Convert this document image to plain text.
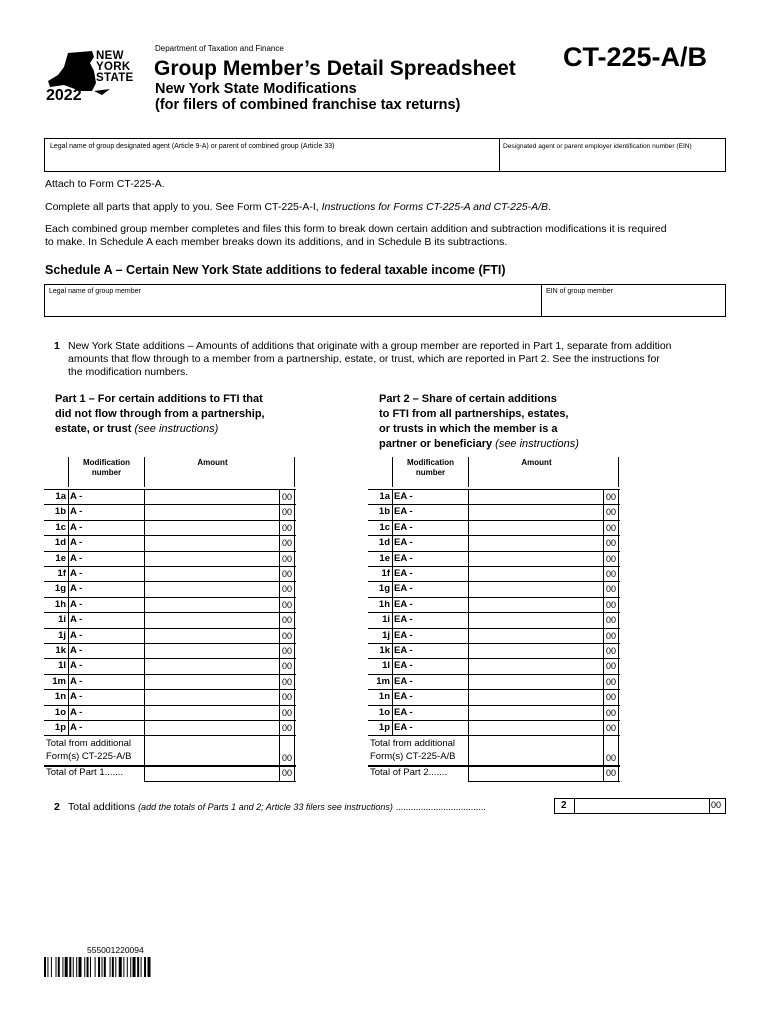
NEW
YORK
STATE
2022
Department of Taxation and Finance
Group Member’s Detail Spreadsheet
New York State Modifications
(for filers of combined franchise tax returns)
CT-225-A/B
Legal name of group designated agent (Article 9-A) or parent of combined group (Article 33)	Designated agent or parent employer identification number (EIN)
Attach to Form CT-225-A.
Complete all parts that apply to you. See Form CT-225-A-I, Instructions for Forms CT-225-A and CT-225-A/B.
Each combined group member completes and files this form to break down certain addition and subtraction modifications it is required
to make. In Schedule A each member breaks down its additions, and in Schedule B its subtractions.
Schedule A – Certain New York State additions to federal taxable income (FTI)
Legal name of group member	EIN of group member
1 New York State additions – Amounts of additions that originate with a group member are reported in Part 1, separate from addition
amounts that flow through to a member from a partnership, estate, or trust, which are reported in Part 2. See the instructions for
the modification numbers.
Part 1 – For certain additions to FTI that
did not flow through from a partnership,
estate, or trust (see instructions)
Part 2 – Share of certain additions
to FTI from all partnerships, estates,
or trusts in which the member is a
partner or beneficiary (see instructions)
Modification number
Amount
1a A -	00
1b A -	00
1c A -	00
1d A -	00
1e A -	00
1f A -	00
1g A -	00
1h A -	00
1i A -	00
1j A -	00
1k A -	00
1l A -	00
1m A -	00
1n A -	00
1o A -	00
1p A -	00
Total from additional
Form(s) CT-225-A/B	00
Total of Part 1.......	00
Modification number
Amount
1a EA -	00
1b EA -	00
1c EA -	00
1d EA -	00
1e EA -	00
1f EA -	00
1g EA -	00
1h EA -	00
1i EA -	00
1j EA -	00
1k EA -	00
1l EA -	00
1m EA -	00
1n EA -	00
1o EA -	00
1p EA -	00
Total from additional
Form(s) CT-225-A/B	00
Total of Part 2.......	00
2 Total additions (add the totals of Parts 1 and 2; Article 33 filers see instructions) ....................................	2	00
555001220094
